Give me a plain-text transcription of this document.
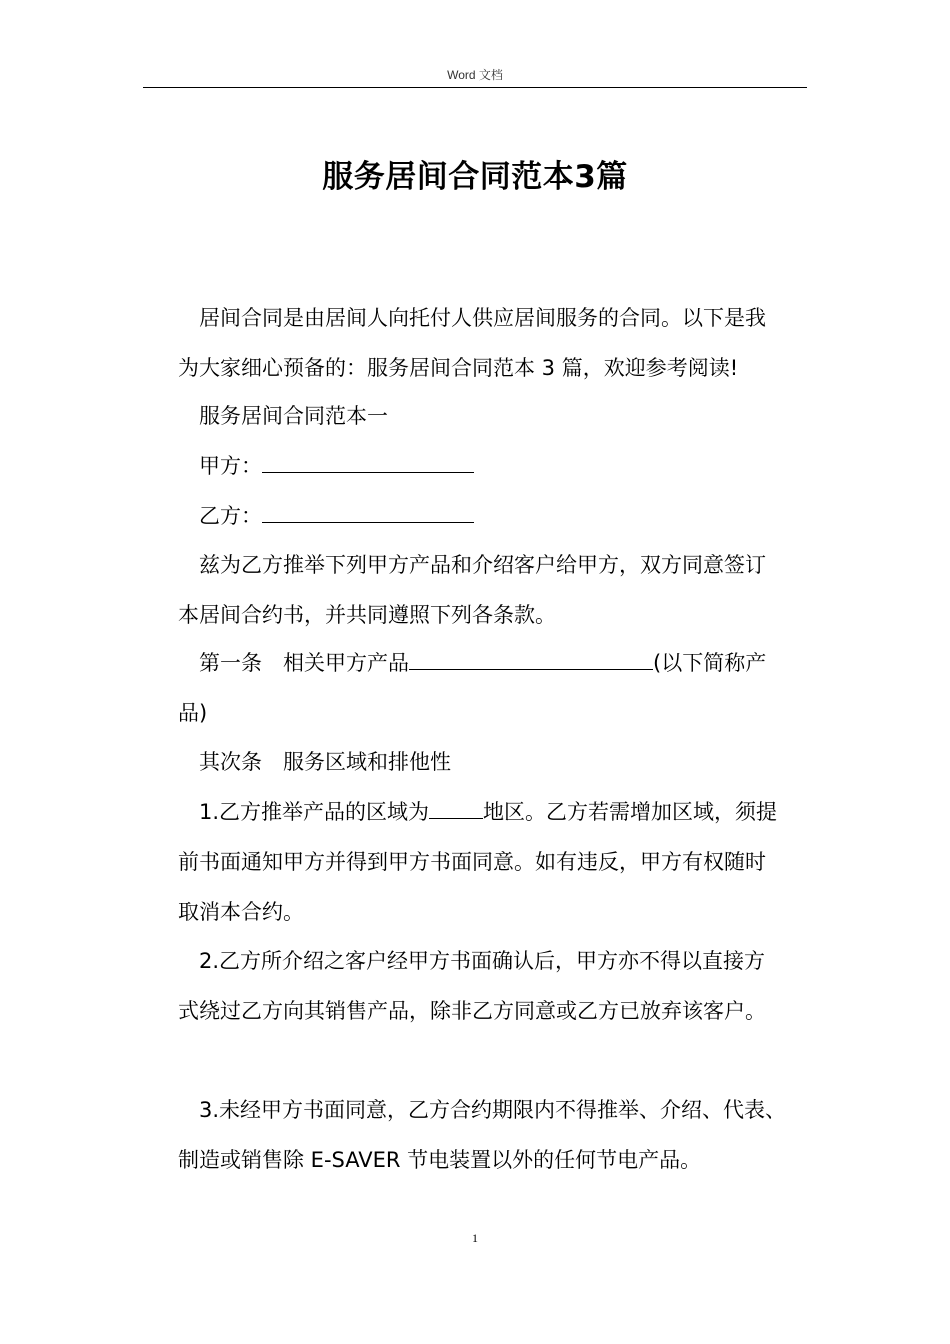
Word 文档
服务居间合同范本3篇
居间合同是由居间人向托付人供应居间服务的合同。以下是我
为大家细心预备的：服务居间合同范本 3 篇，欢迎参考阅读!
服务居间合同范本一
甲方：
乙方：
兹为乙方推举下列甲方产品和介绍客户给甲方，双方同意签订
本居间合约书，并共同遵照下列各条款。
第一条　相关甲方产品	(以下简称产
品)
其次条　服务区域和排他性
1.乙方推举产品的区域为	地区。乙方若需增加区域，须提
前书面通知甲方并得到甲方书面同意。如有违反，甲方有权随时
取消本合约。
2.乙方所介绍之客户经甲方书面确认后，甲方亦不得以直接方
式绕过乙方向其销售产品，除非乙方同意或乙方已放弃该客户。
3.未经甲方书面同意，乙方合约期限内不得推举、介绍、代表、
制造或销售除 E-SAVER 节电装置以外的任何节电产品。
1
